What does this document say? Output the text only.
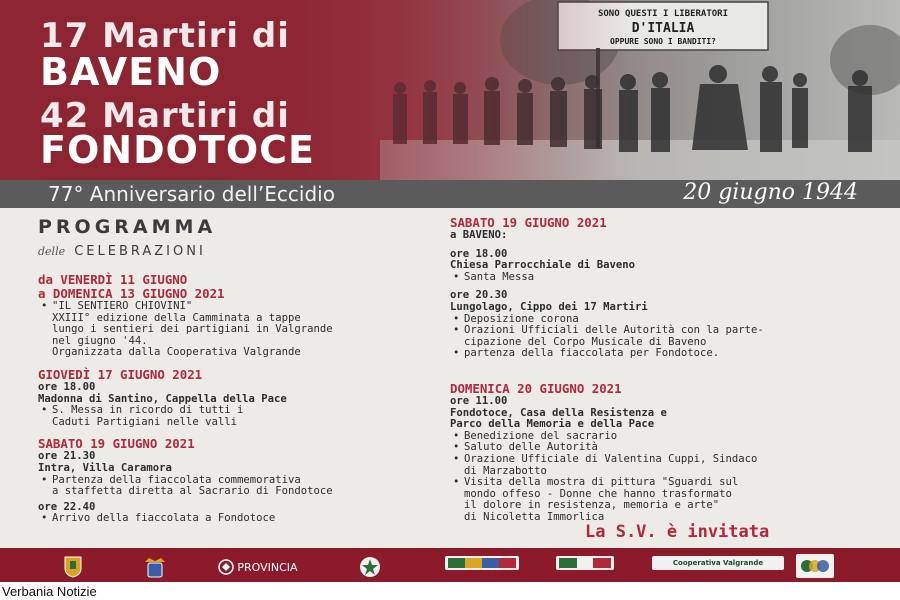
SONO QUESTI I LIBERATORI
D'ITALIA
OPPURE SONO I BANDITI?
17 Martiri di
BAVENO
42 Martiri di
FONDOTOCE
77° Anniversario dell’Eccidio	20 giugno 1944
PROGRAMMA
delle CELEBRAZIONI
da VENERDÌ 11 GIUGNO
a DOMENICA 13 GIUGNO 2021
• "IL SENTIERO CHIOVINI"
XXIII° edizione della Camminata a tappe
lungo i sentieri dei partigiani in Valgrande
nel giugno '44.
Organizzata dalla Cooperativa Valgrande
GIOVEDÌ 17 GIUGNO 2021
ore 18.00
Madonna di Santino, Cappella della Pace
• S. Messa in ricordo di tutti i
Caduti Partigiani nelle valli
SABATO 19 GIUGNO 2021
ore 21.30
Intra, Villa Caramora
• Partenza della fiaccolata commemorativa
a staffetta diretta al Sacrario di Fondotoce
ore 22.40
• Arrivo della fiaccolata a Fondotoce
SABATO 19 GIUGNO 2021
a BAVENO:
ore 18.00
Chiesa Parrocchiale di Baveno
• Santa Messa
ore 20.30
Lungolago, Cippo dei 17 Martiri
• Deposizione corona
• Orazioni Ufficiali delle Autorità con la parte-
cipazione del Corpo Musicale di Baveno
• partenza della fiaccolata per Fondotoce.
DOMENICA 20 GIUGNO 2021
ore 11.00
Fondotoce, Casa della Resistenza e
Parco della Memoria e della Pace
• Benedizione del sacrario
• Saluto delle Autorità
• Orazione Ufficiale di Valentina Cuppi, Sindaco
di Marzabotto
• Visita della mostra di pittura "Sguardi sul
mondo offeso - Donne che hanno trasformato
il dolore in resistenza, memoria e arte"
di Nicoletta Immorlica
La S.V. è invitata
PROVINCIA	Cooperativa Valgrande
Verbania Notizie
